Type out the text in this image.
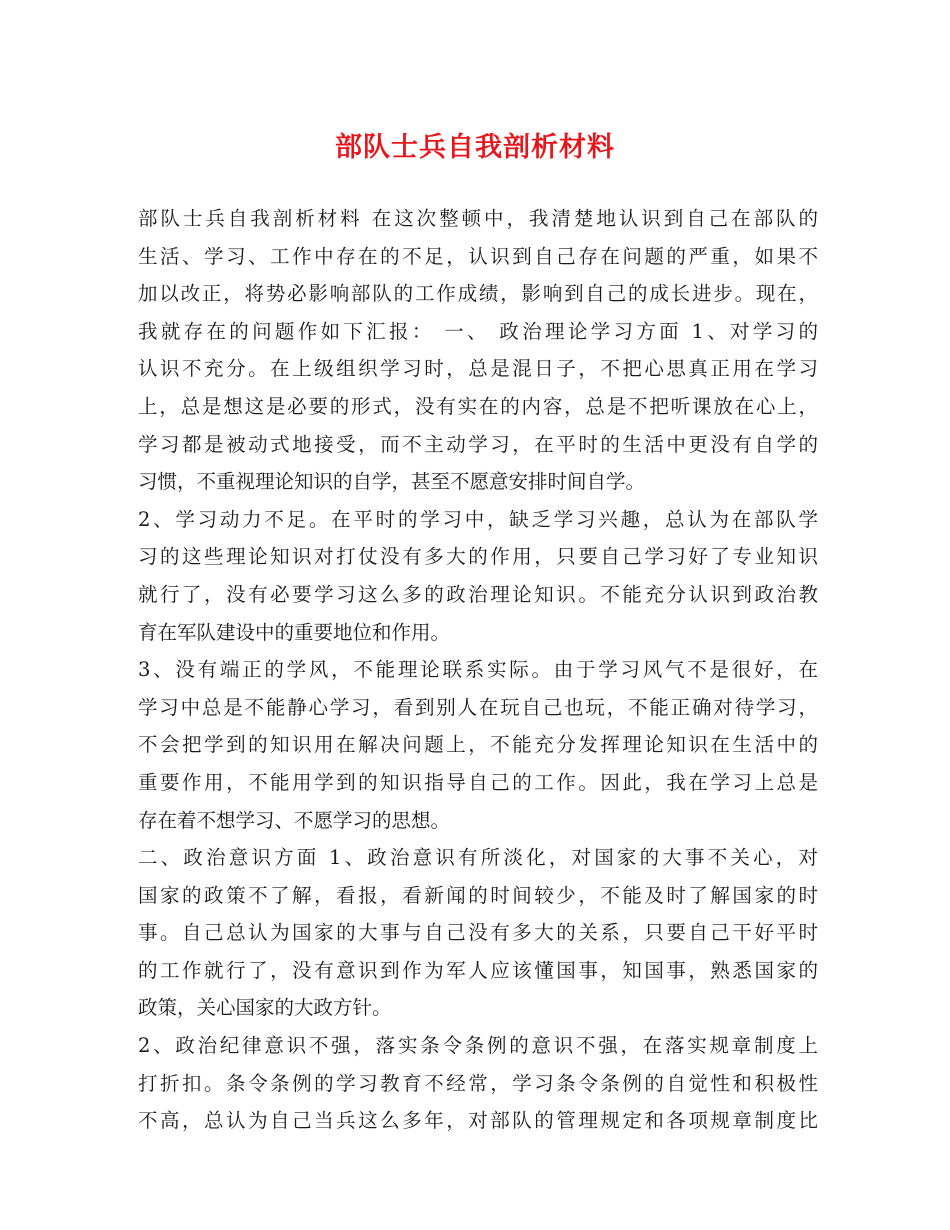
部队士兵自我剖析材料
部队士兵自我剖析材料 在这次整顿中，我清楚地认识到自己在部队的
生活、学习、工作中存在的不足，认识到自己存在问题的严重，如果不
加以改正，将势必影响部队的工作成绩，影响到自己的成长进步。现在，
我就存在的问题作如下汇报： 一、 政治理论学习方面 1、对学习的
认识不充分。在上级组织学习时，总是混日子，不把心思真正用在学习
上，总是想这是必要的形式，没有实在的内容，总是不把听课放在心上，
学习都是被动式地接受，而不主动学习，在平时的生活中更没有自学的
习惯，不重视理论知识的自学，甚至不愿意安排时间自学。
2、学习动力不足。在平时的学习中，缺乏学习兴趣，总认为在部队学
习的这些理论知识对打仗没有多大的作用，只要自己学习好了专业知识
就行了，没有必要学习这么多的政治理论知识。不能充分认识到政治教
育在军队建设中的重要地位和作用。
3、没有端正的学风，不能理论联系实际。由于学习风气不是很好，在
学习中总是不能静心学习，看到别人在玩自己也玩，不能正确对待学习，
不会把学到的知识用在解决问题上，不能充分发挥理论知识在生活中的
重要作用，不能用学到的知识指导自己的工作。因此，我在学习上总是
存在着不想学习、不愿学习的思想。
二、政治意识方面 1、政治意识有所淡化，对国家的大事不关心，对
国家的政策不了解，看报，看新闻的时间较少，不能及时了解国家的时
事。自己总认为国家的大事与自己没有多大的关系，只要自己干好平时
的工作就行了，没有意识到作为军人应该懂国事，知国事，熟悉国家的
政策，关心国家的大政方针。
2、政治纪律意识不强，落实条令条例的意识不强，在落实规章制度上
打折扣。条令条例的学习教育不经常，学习条令条例的自觉性和积极性
不高，总认为自己当兵这么多年，对部队的管理规定和各项规章制度比
